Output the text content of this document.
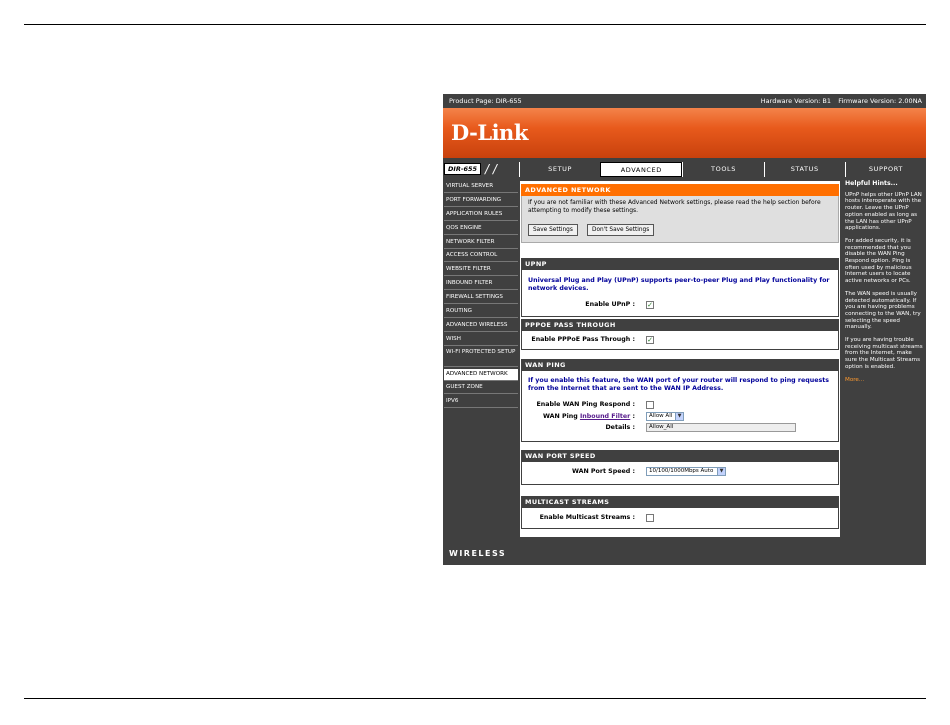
Product Page: DIR-655	Hardware Version: B1 Firmware Version: 2.00NA
D-Link
DIR-655 / /	SETUP	ADVANCED	TOOLS	STATUS	SUPPORT
VIRTUAL SERVER
PORT FORWARDING
APPLICATION RULES
QOS ENGINE
NETWORK FILTER
ACCESS CONTROL
WEBSITE FILTER
INBOUND FILTER
FIREWALL SETTINGS
ROUTING
ADVANCED WIRELESS
WISH
WI-FI PROTECTED SETUP
ADVANCED NETWORK
GUEST ZONE
IPV6
ADVANCED NETWORK
If you are not familiar with these Advanced Network settings, please read the help section before attempting to modify these settings.
Save Settings	Don't Save Settings
UPNP
Universal Plug and Play (UPnP) supports peer-to-peer Plug and Play functionality for network devices.
Enable UPnP : ✓
PPPOE PASS THROUGH
Enable PPPoE Pass Through : ✓
WAN PING
If you enable this feature, the WAN port of your router will respond to ping requests from the Internet that are sent to the WAN IP Address.
Enable WAN Ping Respond :
WAN Ping Inbound Filter :	Allow All	▼
Details :	Allow_All
WAN PORT SPEED
WAN Port Speed :	10/100/1000Mbps Auto	▼
MULTICAST STREAMS
Enable Multicast Streams :

Helpful Hints...

UPnP helps other UPnP LAN hosts interoperate with the router. Leave the UPnP option enabled as long as the LAN has other UPnP applications.

For added security, it is recommended that you disable the WAN Ping Respond option. Ping is often used by malicious Internet users to locate active networks or PCs.

The WAN speed is usually detected automatically. If you are having problems connecting to the WAN, try selecting the speed manually.

If you are having trouble receiving multicast streams from the Internet, make sure the Multicast Streams option is enabled.

More...

WIRELESS
